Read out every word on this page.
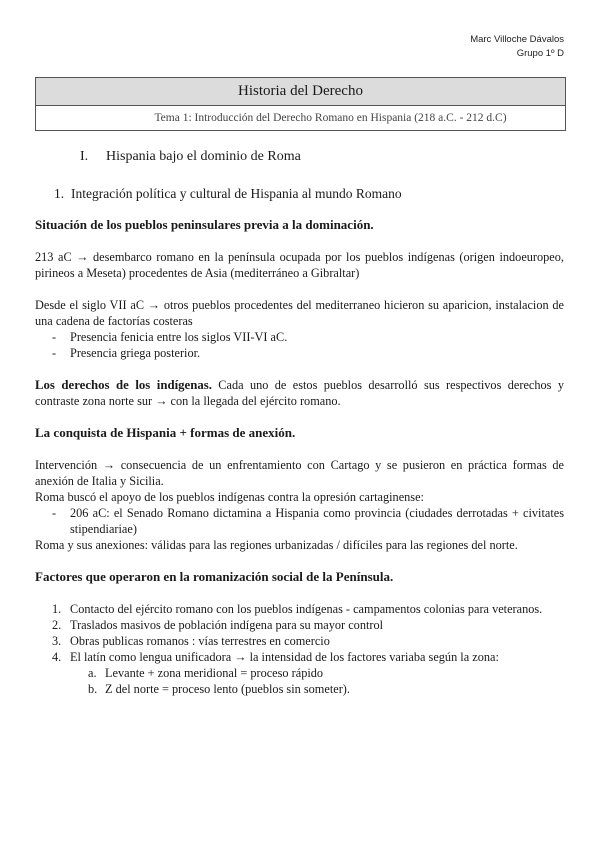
Marc Villoche Dávalos
Grupo 1º D
Historia del Derecho
Tema 1: Introducción del Derecho Romano en Hispania (218 a.C. - 212 d.C)
I. Hispania bajo el dominio de Roma
1. Integración política y cultural de Hispania al mundo Romano
Situación de los pueblos peninsulares previa a la dominación.

213 aC → desembarco romano en la península ocupada por los pueblos indígenas (origen indoeuropeo, pirineos a Meseta) procedentes de Asia (mediterráneo a Gibraltar)

Desde el siglo VII aC → otros pueblos procedentes del mediterraneo hicieron su aparicion, instalacion de una cadena de factorías costeras

- Presencia fenicia entre los siglos VII-VI aC.
- Presencia griega posterior.

Los derechos de los indígenas. Cada uno de estos pueblos desarrolló sus respectivos derechos y contraste zona norte sur → con la llegada del ejército romano.

La conquista de Hispania + formas de anexión.

Intervención → consecuencia de un enfrentamiento con Cartago y se pusieron en práctica formas de anexión de Italia y Sicilia.

Roma buscó el apoyo de los pueblos indígenas contra la opresión cartaginense:

- 206 aC: el Senado Romano dictamina a Hispania como provincia (ciudades derrotadas + civitates stipendiariae)

Roma y sus anexiones: válidas para las regiones urbanizadas / difíciles para las regiones del norte.

Factores que operaron en la romanización social de la Península.
1. Contacto del ejército romano con los pueblos indígenas - campamentos colonias para veteranos.
2. Traslados masivos de población indígena para su mayor control
3. Obras publicas romanos : vías terrestres en comercio
4. El latín como lengua unificadora → la intensidad de los factores variaba según la zona:
a. Levante + zona meridional = proceso rápido
b. Z del norte = proceso lento (pueblos sin someter).
